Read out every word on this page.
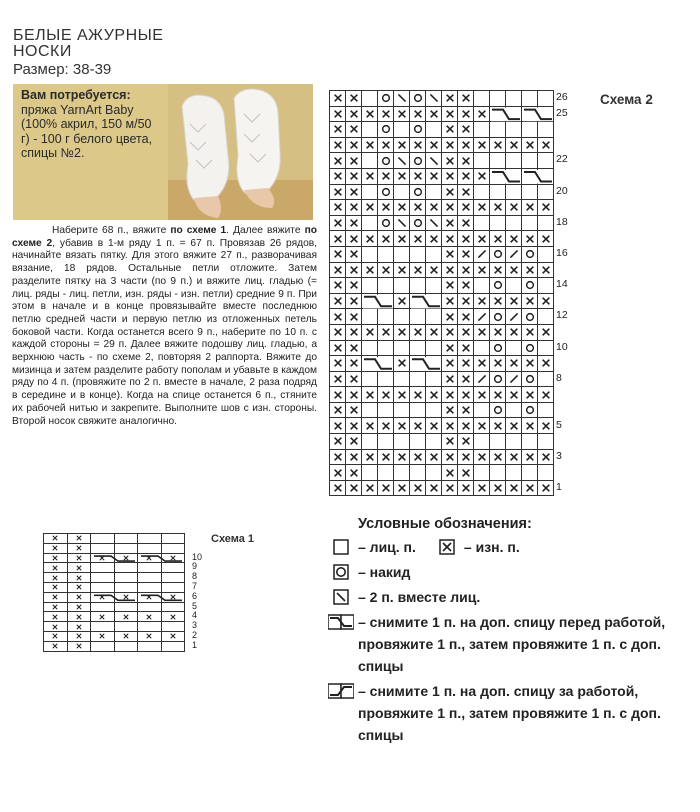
БЕЛЫЕ АЖУРНЫЕ
НОСКИ
Размер: 38-39
Вам потребуется: пряжа YarnArt Baby (100% акрил, 150 м/50 г) - 100 г белого цвета, спицы №2.
Наберите 68 п., вяжите по схеме 1. Далее вяжите по схеме 2, убавив в 1-м ряду 1 п. = 67 п. Провязав 26 рядов, начинайте вязать пятку. Для этого вяжите 27 п., разворачивая вязание, 18 рядов. Остальные петли отложите. Затем разделите пятку на 3 части (по 9 п.) и вяжите лиц. гладью (= лиц. ряды - лиц. петли, изн. ряды - изн. петли) средние 9 п. При этом в начале и в конце провязывайте вместе последнюю петлю средней части и первую петлю из отложенных петель боковой части. Когда останется всего 9 п., наберите по 10 п. с каждой стороны = 29 п. Далее вяжите подошву лиц. гладью, а верхнюю часть - по схеме 2, повторяя 2 раппорта. Вяжите до мизинца и затем разделите работу пополам и убавьте в каждом ряду по 4 п. (провяжите по 2 п. вместе в начале, 2 раза подряд в середине и в конце). Когда на спице останется 6 п., стяните их рабочей нитью и закрепите. Выполните шов с изн. стороны. Второй носок свяжите аналогично.
Схема 2
26
25
22
20
18
16
14
12
10
8
5
3
1
Схема 1
10
9
8
7
6
5
4
3
2
1
Условные обозначения:
– лиц. п.	– изн. п.
– накид
– 2 п. вместе лиц.
– снимите 1 п. на доп. спицу перед работой, провяжите 1 п., затем провяжите 1 п. с доп. спицы
– снимите 1 п. на доп. спицу за работой, провяжите 1 п., затем провяжите 1 п. с доп. спицы
